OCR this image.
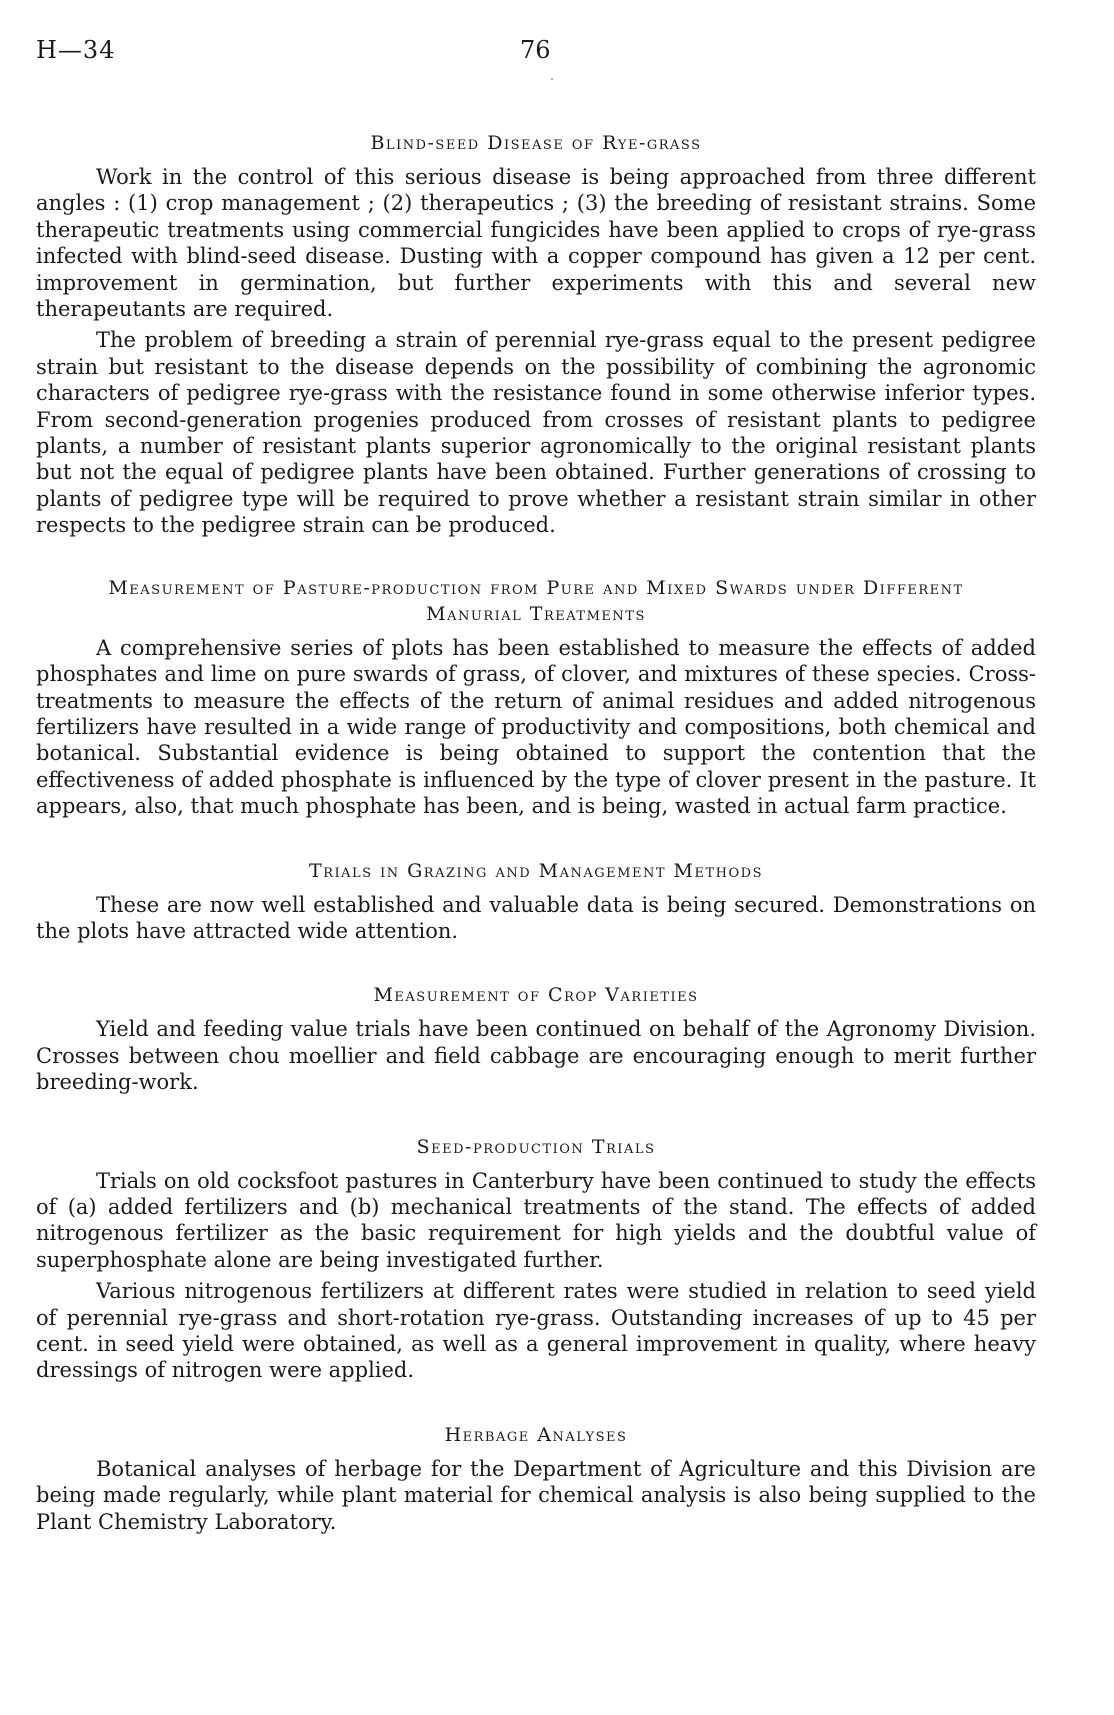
H—34	76

Blind-seed Disease of Rye-grass

Work in the control of this serious disease is being approached from three different angles : (1) crop management ; (2) therapeutics ; (3) the breeding of resistant strains. Some therapeutic treatments using commercial fungicides have been applied to crops of rye-grass infected with blind-seed disease. Dusting with a copper compound has given a 12 per cent. improvement in germination, but further experiments with this and several new therapeutants are required.

The problem of breeding a strain of perennial rye-grass equal to the present pedigree strain but resistant to the disease depends on the possibility of combining the agronomic characters of pedigree rye-grass with the resistance found in some otherwise inferior types. From second-generation progenies produced from crosses of resistant plants to pedigree plants, a number of resistant plants superior agronomically to the original resistant plants but not the equal of pedigree plants have been obtained. Further generations of crossing to plants of pedigree type will be required to prove whether a resistant strain similar in other respects to the pedigree strain can be produced.

Measurement of Pasture-production from Pure and Mixed Swards under Different Manurial Treatments

A comprehensive series of plots has been established to measure the effects of added phosphates and lime on pure swards of grass, of clover, and mixtures of these species. Cross-treatments to measure the effects of the return of animal residues and added nitrogenous fertilizers have resulted in a wide range of productivity and compositions, both chemical and botanical. Substantial evidence is being obtained to support the contention that the effectiveness of added phosphate is influenced by the type of clover present in the pasture. It appears, also, that much phosphate has been, and is being, wasted in actual farm practice.

Trials in Grazing and Management Methods

These are now well established and valuable data is being secured. Demonstrations on the plots have attracted wide attention.

Measurement of Crop Varieties

Yield and feeding value trials have been continued on behalf of the Agronomy Division. Crosses between chou moellier and field cabbage are encouraging enough to merit further breeding-work.

Seed-production Trials

Trials on old cocksfoot pastures in Canterbury have been continued to study the effects of (a) added fertilizers and (b) mechanical treatments of the stand. The effects of added nitrogenous fertilizer as the basic requirement for high yields and the doubtful value of superphosphate alone are being investigated further.

Various nitrogenous fertilizers at different rates were studied in relation to seed yield of perennial rye-grass and short-rotation rye-grass. Outstanding increases of up to 45 per cent. in seed yield were obtained, as well as a general improvement in quality, where heavy dressings of nitrogen were applied.

Herbage Analyses

Botanical analyses of herbage for the Department of Agriculture and this Division are being made regularly, while plant material for chemical analysis is also being supplied to the Plant Chemistry Laboratory.
